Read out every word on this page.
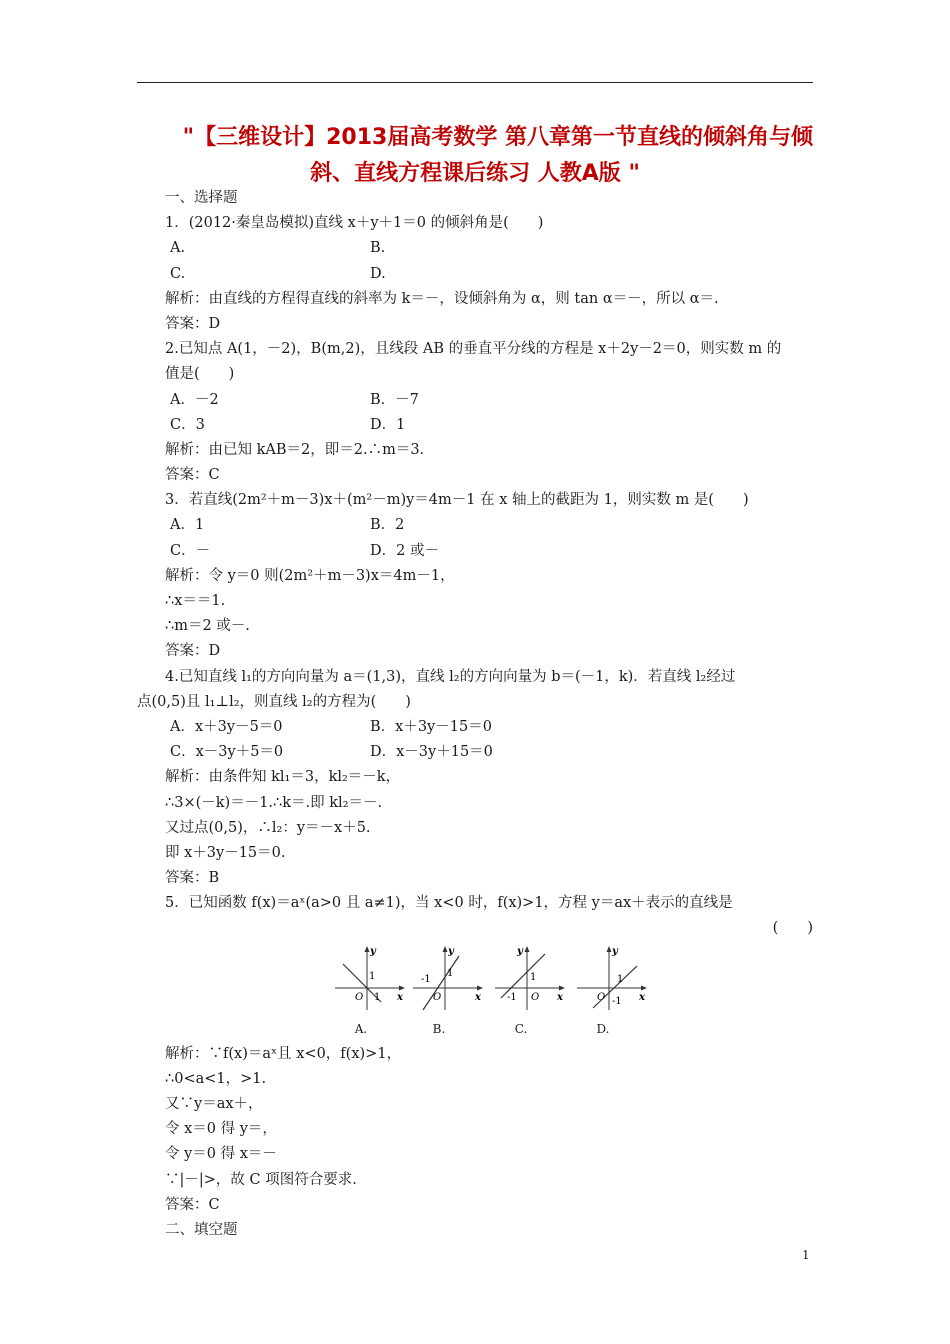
"【三维设计】2013届高考数学 第八章第一节直线的倾斜角与倾
斜、直线方程课后练习 人教A版 "
一、选择题
1．(2012·秦皇岛模拟)直线 x＋y＋1＝0 的倾斜角是(　　)
A.	B.
C.	D.
解析：由直线的方程得直线的斜率为 k＝－，设倾斜角为 α，则 tan α＝－，所以 α＝.
答案：D
2.已知点 A(1，－2)，B(m,2)，且线段 AB 的垂直平分线的方程是 x＋2y－2＝0，则实数 m 的
值是(　　)
A．－2	B．－7
C．3	D．1
解析：由已知 kAB＝2，即＝2.∴m＝3.
答案：C
3．若直线(2m²＋m－3)x＋(m²－m)y＝4m－1 在 x 轴上的截距为 1，则实数 m 是(　　)
A．1	B．2
C．－	D．2 或－
解析：令 y＝0 则(2m²＋m－3)x＝4m－1，
∴x＝＝1.
∴m＝2 或－.
答案：D
4.已知直线 l₁的方向向量为 a＝(1,3)，直线 l₂的方向向量为 b＝(－1，k)．若直线 l₂经过
点(0,5)且 l₁⊥l₂，则直线 l₂的方程为(　　)
A．x＋3y－5＝0	B．x＋3y－15＝0
C．x－3y＋5＝0	D．x－3y＋15＝0
解析：由条件知 kl₁＝3，kl₂＝－k，
∴3×(－k)＝－1.∴k＝.即 kl₂＝－.
又过点(0,5)，∴l₂：y＝－x＋5.
即 x＋3y－15＝0.
答案：B
5．已知函数 f(x)＝aˣ(a>0 且 a≠1)，当 x<0 时，f(x)>1，方程 y＝ax＋表示的直线是
(　　)
y
x
O
1
1
A.
y
x
O
1
-1
B.
y
x
O
1
-1
C.
y
x
O
1
-1
D.
解析：∵f(x)＝aˣ且 x<0，f(x)>1，
∴0<a<1，>1.
又∵y＝ax＋，
令 x＝0 得 y＝，
令 y＝0 得 x＝－
∵|－|>，故 C 项图符合要求.
答案：C
二、填空题
1
